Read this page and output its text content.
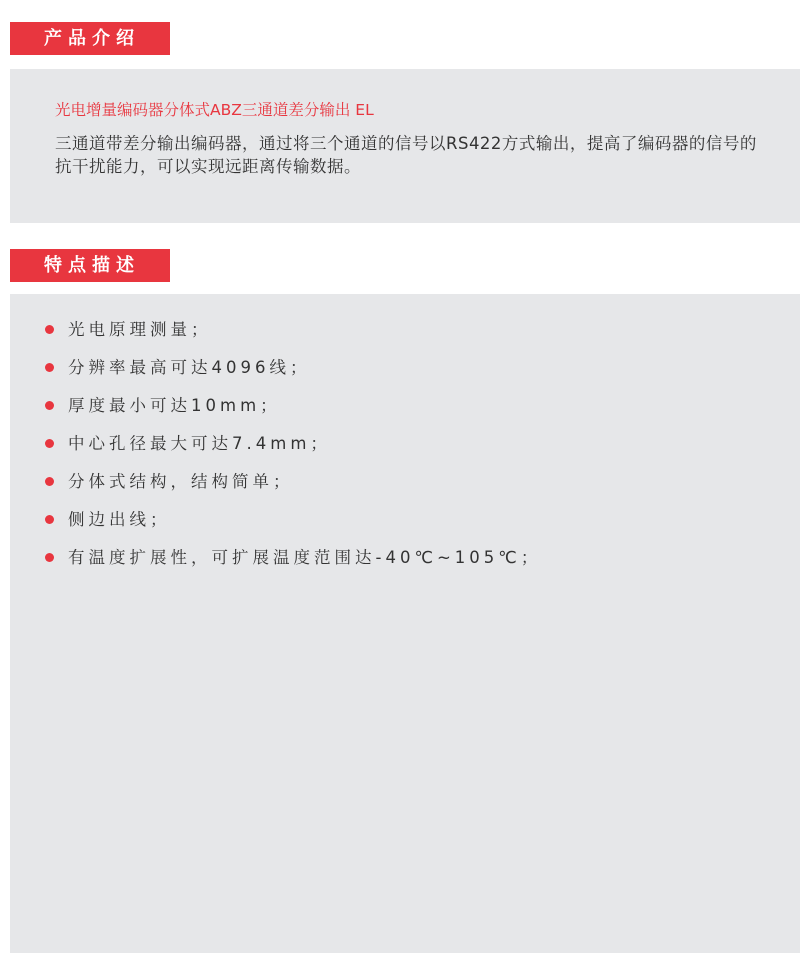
产品介绍
光电增量编码器分体式ABZ三通道差分输出 EL
三通道带差分输出编码器，通过将三个通道的信号以RS422方式输出，提高了编码器的信号的抗干扰能力，可以实现远距离传输数据。
特点描述
光电原理测量；
分辨率最高可达4096线；
厚度最小可达10mm；
中心孔径最大可达7.4mm；
分体式结构，结构简单；
侧边出线；
有温度扩展性，可扩展温度范围达-40℃~105℃；
